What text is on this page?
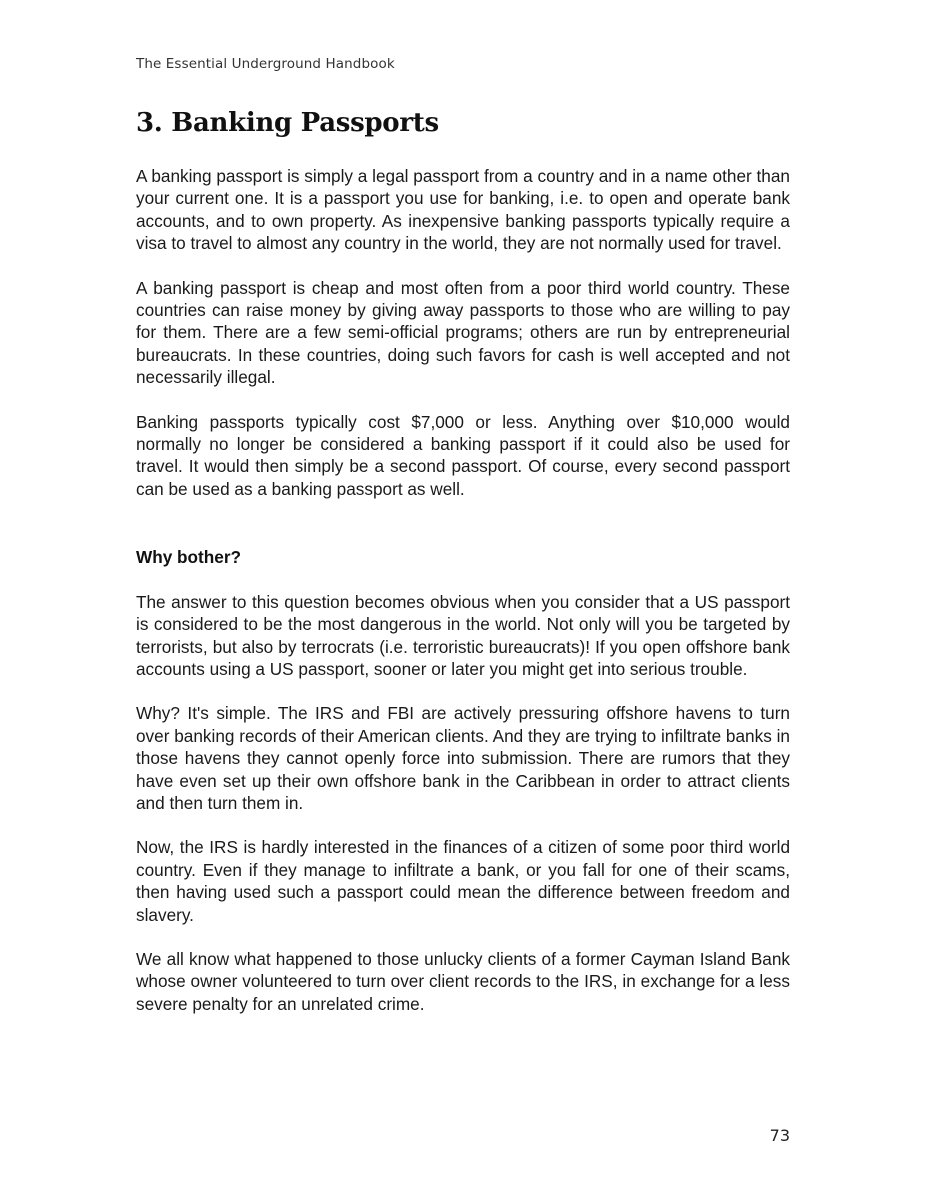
The Essential Underground Handbook

3. Banking Passports

A banking passport is simply a legal passport from a country and in a name other than your current one. It is a passport you use for banking, i.e. to open and operate bank accounts, and to own property. As inexpensive banking passports typically require a visa to travel to almost any country in the world, they are not normally used for travel.

A banking passport is cheap and most often from a poor third world country. These countries can raise money by giving away passports to those who are willing to pay for them. There are a few semi-official programs; others are run by entrepreneurial bureaucrats. In these countries, doing such favors for cash is well accepted and not necessarily illegal.

Banking passports typically cost $7,000 or less. Anything over $10,000 would normally no longer be considered a banking passport if it could also be used for travel. It would then simply be a second passport. Of course, every second passport can be used as a banking passport as well.

Why bother?

The answer to this question becomes obvious when you consider that a US passport is considered to be the most dangerous in the world. Not only will you be targeted by terrorists, but also by terrocrats (i.e. terroristic bureaucrats)! If you open offshore bank accounts using a US passport, sooner or later you might get into serious trouble.

Why? It's simple. The IRS and FBI are actively pressuring offshore havens to turn over banking records of their American clients. And they are trying to infiltrate banks in those havens they cannot openly force into submission. There are rumors that they have even set up their own offshore bank in the Caribbean in order to attract clients and then turn them in.

Now, the IRS is hardly interested in the finances of a citizen of some poor third world country. Even if they manage to infiltrate a bank, or you fall for one of their scams, then having used such a passport could mean the difference between freedom and slavery.

We all know what happened to those unlucky clients of a former Cayman Island Bank whose owner volunteered to turn over client records to the IRS, in exchange for a less severe penalty for an unrelated crime.

73
